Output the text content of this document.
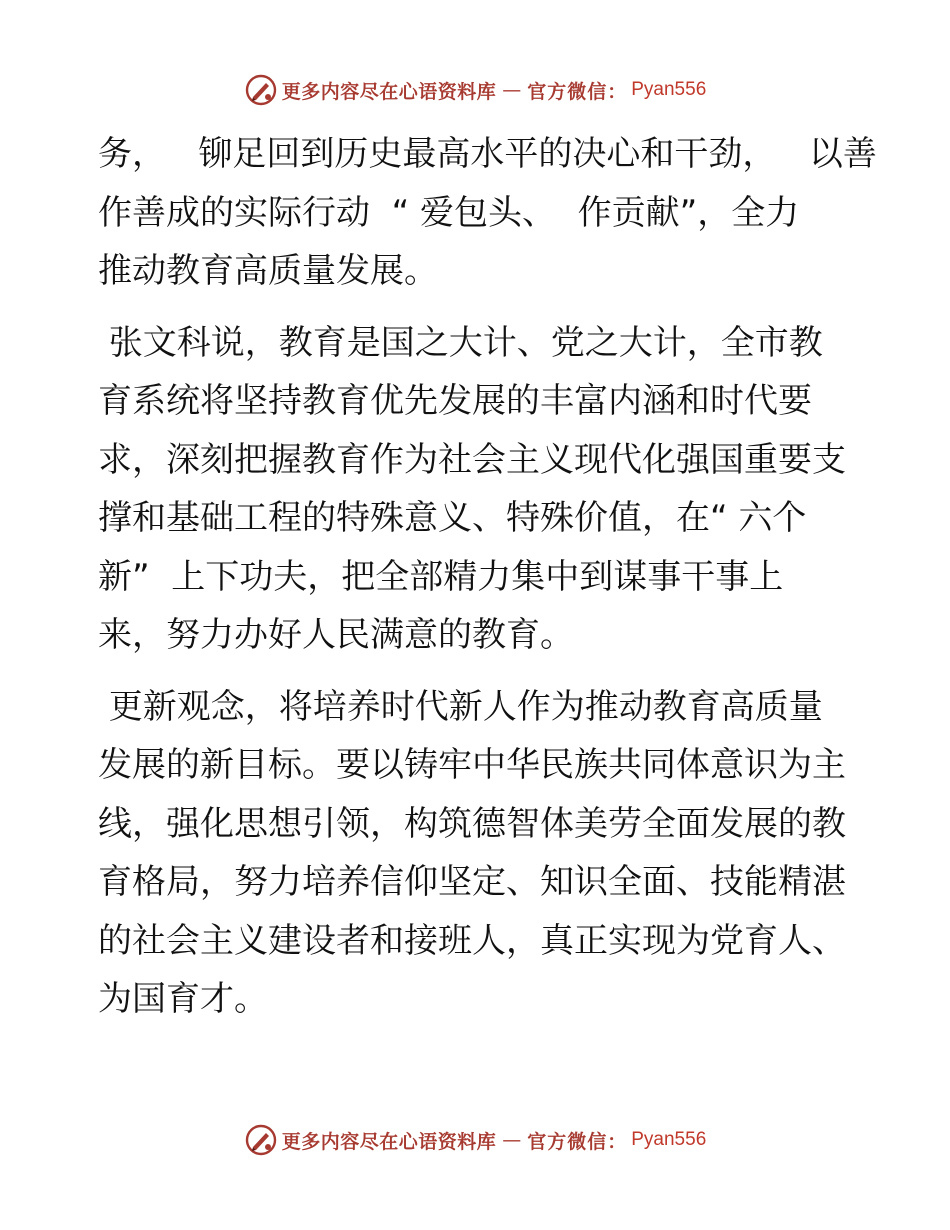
更多内容尽在心语资料库 — 官方微信： Pyan556

务，   铆足回到历史最高水平的决心和干劲，   以善
作善成的实际行动  “ 爱包头、  作贡献”，全力
推动教育高质量发展。

张文科说，教育是国之大计、党之大计，全市教
育系统将坚持教育优先发展的丰富内涵和时代要
求，深刻把握教育作为社会主义现代化强国重要支
撑和基础工程的特殊意义、特殊价值，在“ 六个
新”  上下功夫，把全部精力集中到谋事干事上
来，努力办好人民满意的教育。

更新观念，将培养时代新人作为推动教育高质量
发展的新目标。要以铸牢中华民族共同体意识为主
线，强化思想引领，构筑德智体美劳全面发展的教
育格局，努力培养信仰坚定、知识全面、技能精湛
的社会主义建设者和接班人，真正实现为党育人、
为国育才。

更多内容尽在心语资料库 — 官方微信： Pyan556
